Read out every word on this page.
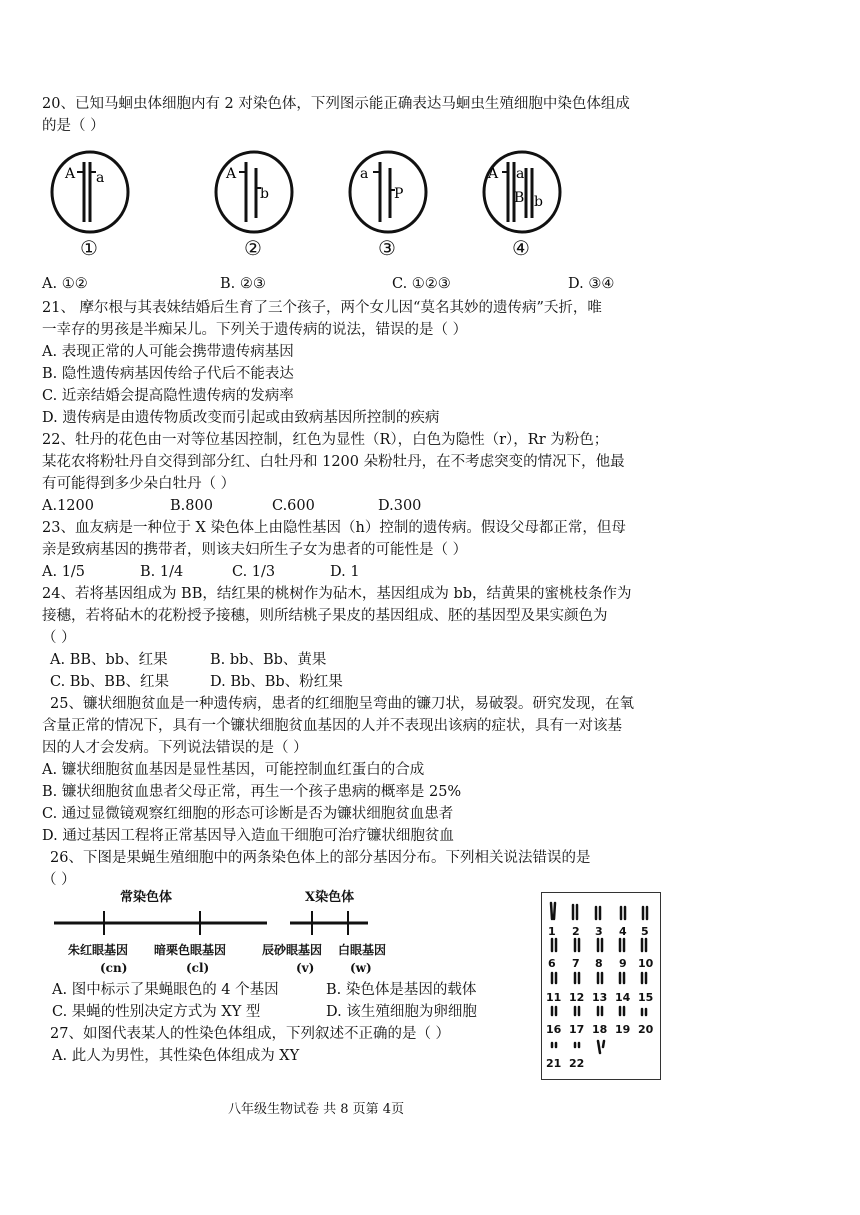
20、已知马蛔虫体细胞内有 2 对染色体，下列图示能正确表达马蛔虫生殖细胞中染色体组成
的是（ ）
A a
①
A
b
②
a
P
③
A a
B b
④
A. ①②	B. ②③	C. ①②③	D. ③④
21、 摩尔根与其表妹结婚后生育了三个孩子，两个女儿因“莫名其妙的遗传病”夭折，唯
一幸存的男孩是半痴呆儿。下列关于遗传病的说法，错误的是（ ）
A. 表现正常的人可能会携带遗传病基因
B. 隐性遗传病基因传给子代后不能表达
C. 近亲结婚会提高隐性遗传病的发病率
D. 遗传病是由遗传物质改变而引起或由致病基因所控制的疾病
22、牡丹的花色由一对等位基因控制，红色为显性（R），白色为隐性（r），Rr 为粉色；
某花农将粉牡丹自交得到部分红、白牡丹和 1200 朵粉牡丹，在不考虑突变的情况下，他最
有可能得到多少朵白牡丹（ ）
A.1200	B.800	C.600	D.300
23、血友病是一种位于 X 染色体上由隐性基因（h）控制的遗传病。假设父母都正常，但母
亲是致病基因的携带者，则该夫妇所生子女为患者的可能性是（ ）
A. 1/5	B. 1/4	C. 1/3	D. 1
24、若将基因组成为 BB，结红果的桃树作为砧木，基因组成为 bb，结黄果的蜜桃枝条作为
接穗，若将砧木的花粉授予接穗，则所结桃子果皮的基因组成、胚的基因型及果实颜色为
（ ）
A. BB、bb、红果	B. bb、Bb、黄果
C. Bb、BB、红果	D. Bb、Bb、粉红果
25、镰状细胞贫血是一种遗传病，患者的红细胞呈弯曲的镰刀状，易破裂。研究发现，在氧
含量正常的情况下，具有一个镰状细胞贫血基因的人并不表现出该病的症状，具有一对该基
因的人才会发病。下列说法错误的是（ ）
A. 镰状细胞贫血基因是显性基因，可能控制血红蛋白的合成
B. 镰状细胞贫血患者父母正常，再生一个孩子患病的概率是 25%
C. 通过显微镜观察红细胞的形态可诊断是否为镰状细胞贫血患者
D. 通过基因工程将正常基因导入造血干细胞可治疗镰状细胞贫血
26、下图是果蝇生殖细胞中的两条染色体上的部分基因分布。下列相关说法错误的是
（ ）
常染色体	X染色体
朱红眼基因 暗栗色眼基因	辰砂眼基因 白眼基因
(cn)	(cl)	(v)	(w)
A. 图中标示了果蝇眼色的 4 个基因	B. 染色体是基因的载体
C. 果蝇的性别决定方式为 XY 型	D. 该生殖细胞为卵细胞
27、如图代表某人的性染色体组成，下列叙述不正确的是（ ）
A. 此人为男性，其性染色体组成为 XY
1 2 3 4 5
6 7 8 9 10
11 12 13 14 15
16 17 18 19 20
21 22
八年级生物试卷 共 8 页第 4页
